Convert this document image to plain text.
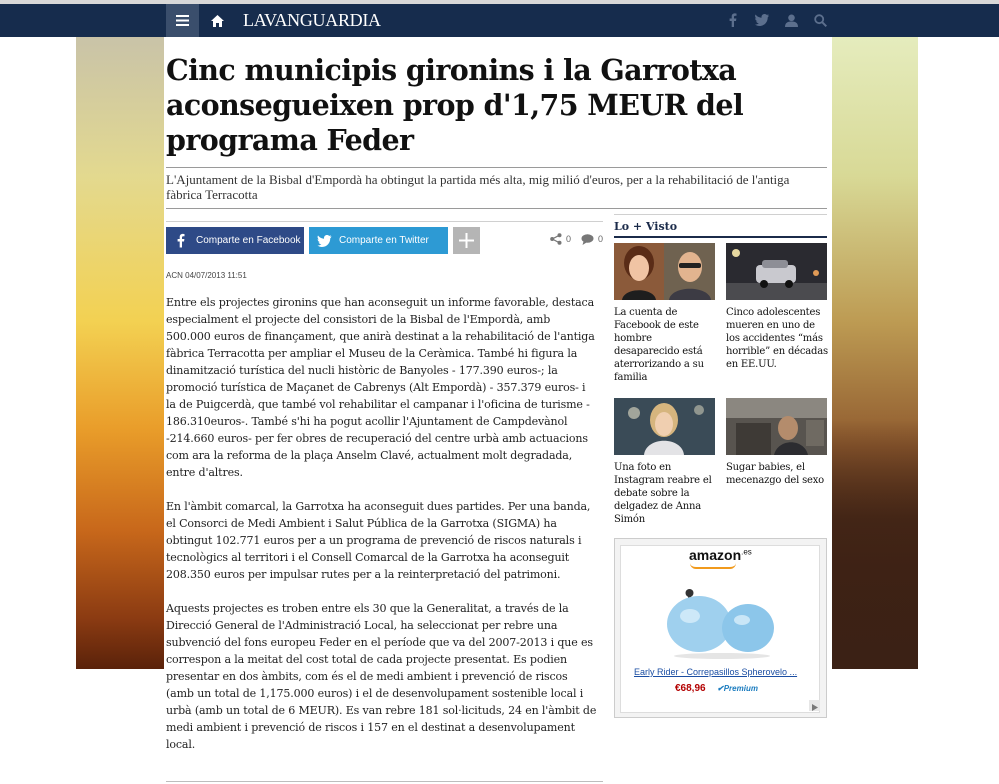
LAVANGUARDIA
Cinc municipis gironins i la Garrotxa aconsegueixen prop d'1,75 MEUR del programa Feder
L'Ajuntament de la Bisbal d'Empordà ha obtingut la partida més alta, mig milió d'euros, per a la rehabilitació de l'antiga fàbrica Terracotta
Comparte en Facebook	Comparte en Twitter	0	0
ACN 04/07/2013 11:51

Entre els projectes gironins que han aconseguit un informe favorable, destaca especialment el projecte del consistori de la Bisbal de l'Empordà, amb 500.000 euros de finançament, que anirà destinat a la rehabilitació de l'antiga fàbrica Terracotta per ampliar el Museu de la Ceràmica. També hi figura la dinamització turística del nucli històric de Banyoles - 177.390 euros-; la promoció turística de Maçanet de Cabrenys (Alt Empordà) - 357.379 euros- i la de Puigcerdà, que també vol rehabilitar el campanar i l'oficina de turisme - 186.310euros-. També s'hi ha pogut acollir l'Ajuntament de Campdevànol -214.660 euros- per fer obres de recuperació del centre urbà amb actuacions com ara la reforma de la plaça Anselm Clavé, actualment molt degradada, entre d'altres.

En l'àmbit comarcal, la Garrotxa ha aconseguit dues partides. Per una banda, el Consorci de Medi Ambient i Salut Pública de la Garrotxa (SIGMA) ha obtingut 102.771 euros per a un programa de prevenció de riscos naturals i tecnològics al territori i el Consell Comarcal de la Garrotxa ha aconseguit 208.350 euros per impulsar rutes per a la reinterpretació del patrimoni.

Aquests projectes es troben entre els 30 que la Generalitat, a través de la Direcció General de l'Administració Local, ha seleccionat per rebre una subvenció del fons europeu Feder en el període que va del 2007-2013 i que es correspon a la meitat del cost total de cada projecte presentat. Es podien presentar en dos àmbits, com és el de medi ambient i prevenció de riscos (amb un total de 1,175.000 euros) i el de desenvolupament sostenible local i urbà (amb un total de 6 MEUR). Es van rebre 181 sol·licituds, 24 en l'àmbit de medi ambient i prevenció de riscos i 157 en el destinat a desenvolupament local.

Lo + Visto
La cuenta de Facebook de este hombre desaparecido está aterrorizando a su familia
Cinco adolescentes mueren en uno de los accidentes “más horrible” en décadas en EE.UU.
Una foto en Instagram reabre el debate sobre la delgadez de Anna Simón
Sugar babies, el mecenazgo del sexo
amazon$^{.es}$
Early Rider - Correpasillos Spherovelo ...
€68,96 ✔Premium
